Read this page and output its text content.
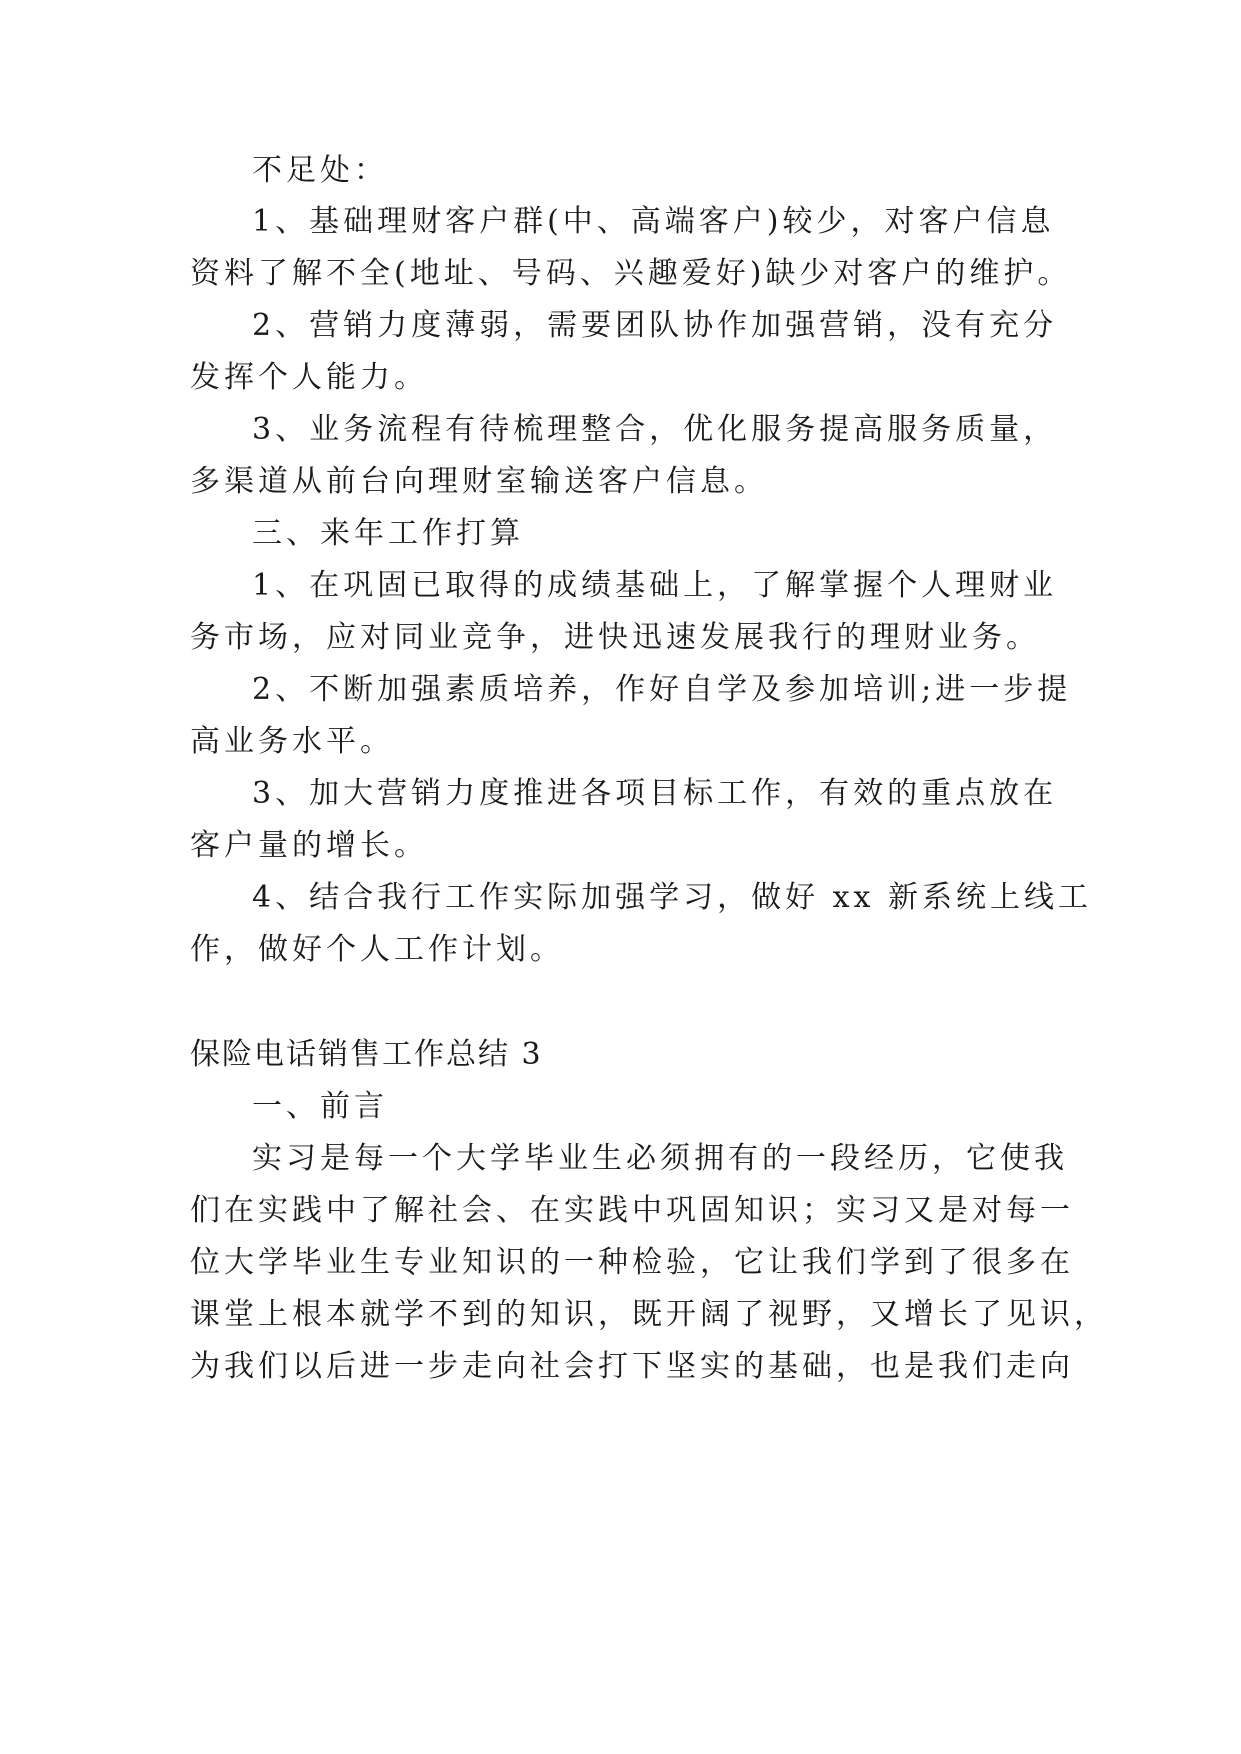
不足处：

1、基础理财客户群(中、高端客户)较少，对客户信息

资料了解不全(地址、号码、兴趣爱好)缺少对客户的维护。

2、营销力度薄弱，需要团队协作加强营销，没有充分

发挥个人能力。

3、业务流程有待梳理整合，优化服务提高服务质量，

多渠道从前台向理财室输送客户信息。

三、来年工作打算

1、在巩固已取得的成绩基础上，了解掌握个人理财业

务市场，应对同业竞争，进快迅速发展我行的理财业务。

2、不断加强素质培养，作好自学及参加培训;进一步提

高业务水平。

3、加大营销力度推进各项目标工作，有效的重点放在

客户量的增长。

4、结合我行工作实际加强学习，做好 xx 新系统上线工

作，做好个人工作计划。

保险电话销售工作总结 3

一、前言

实习是每一个大学毕业生必须拥有的一段经历，它使我

们在实践中了解社会、在实践中巩固知识；实习又是对每一

位大学毕业生专业知识的一种检验，它让我们学到了很多在

课堂上根本就学不到的知识，既开阔了视野，又增长了见识，

为我们以后进一步走向社会打下坚实的基础，也是我们走向
